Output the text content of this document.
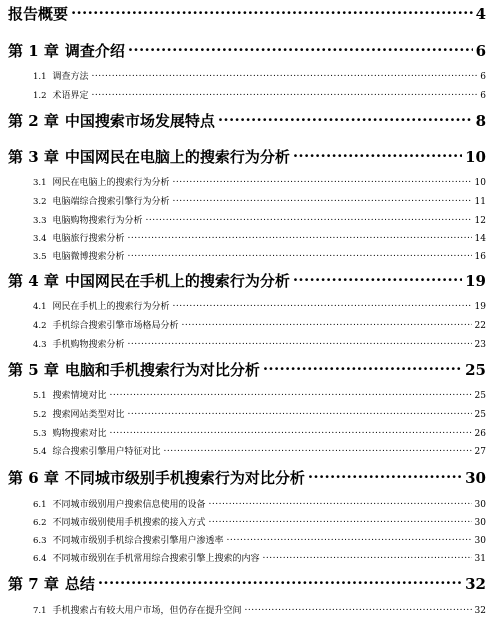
报告概要 .....	4
第 1 章 调查介绍 .....	6
1.1 调查方法 .....	6
1.2 术语界定 .....	6
第 2 章 中国搜索市场发展特点 .....	8
第 3 章 中国网民在电脑上的搜索行为分析 .....	10
3.1 网民在电脑上的搜索行为分析 .....	10
3.2 电脑端综合搜索引擎行为分析 .....	11
3.3 电脑购物搜索行为分析 .....	12
3.4 电脑旅行搜索分析 .....	14
3.5 电脑微博搜索分析 .....	16
第 4 章 中国网民在手机上的搜索行为分析 .....	19
4.1 网民在手机上的搜索行为分析 .....	19
4.2 手机综合搜索引擎市场格局分析 .....	22
4.3 手机购物搜索分析 .....	23
第 5 章 电脑和手机搜索行为对比分析 .....	25
5.1 搜索情境对比 .....	25
5.2 搜索网站类型对比 .....	25
5.3 购物搜索对比 .....	26
5.4 综合搜索引擎用户特征对比 .....	27
第 6 章 不同城市级别手机搜索行为对比分析 .....	30
6.1 不同城市级别用户搜索信息使用的设备 .....	30
6.2 不同城市级别使用手机搜索的接入方式 .....	30
6.3 不同城市级别手机综合搜索引擎用户渗透率 .....	30
6.4 不同城市级别在手机常用综合搜索引擎上搜索的内容 .....	31
第 7 章 总结 .....	32
7.1 手机搜索占有较大用户市场，但仍存在提升空间 .....	32
